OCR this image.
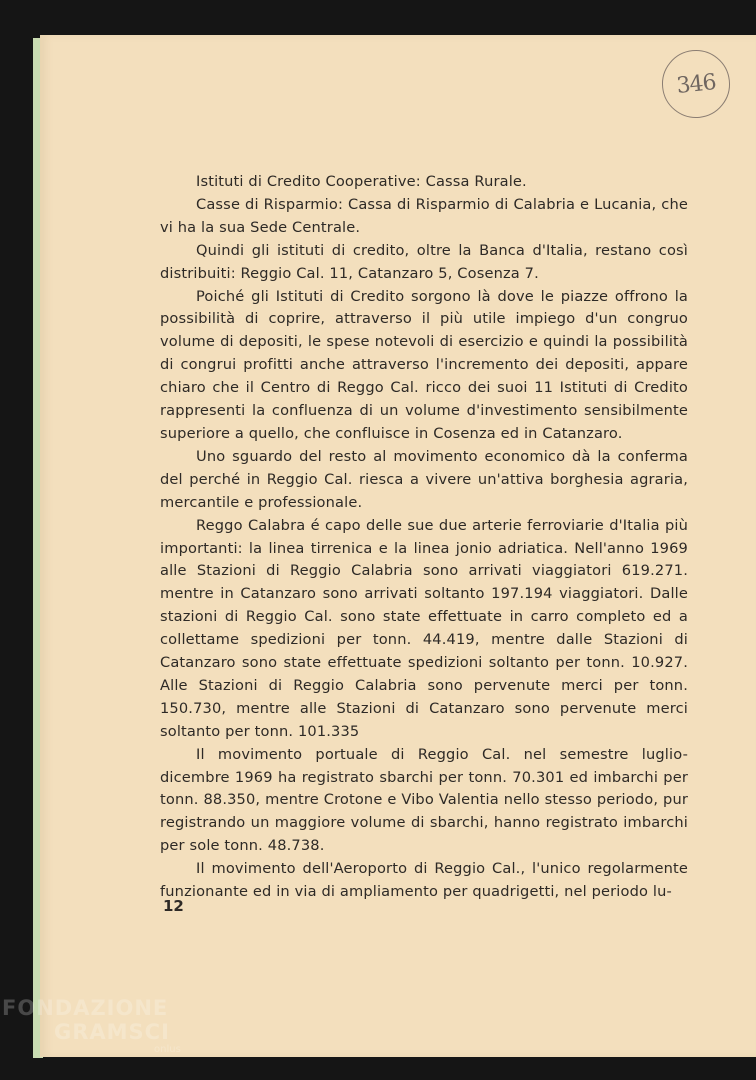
346

Istituti di Credito Cooperative: Cassa Rurale.

Casse di Risparmio: Cassa di Risparmio di Calabria e Lucania, che vi ha la sua Sede Centrale.

Quindi gli istituti di credito, oltre la Banca d'Italia, restano così distribuiti: Reggio Cal. 11, Catanzaro 5, Cosenza 7.

Poiché gli Istituti di Credito sorgono là dove le piazze offrono la possibilità di coprire, attraverso il più utile impiego d'un congruo volume di depositi, le spese notevoli di esercizio e quindi la possibilità di congrui profitti anche attraverso l'incremento dei depositi, appare chiaro che il Centro di Reggo Cal. ricco dei suoi 11 Istituti di Credito rappresenti la confluenza di un volume d'investimento sensibilmente superiore a quello, che confluisce in Cosenza ed in Catanzaro.

Uno sguardo del resto al movimento economico dà la conferma del perché in Reggio Cal. riesca a vivere un'attiva borghesia agraria, mercantile e professionale.

Reggo Calabra é capo delle sue due arterie ferroviarie d'Italia più importanti: la linea tirrenica e la linea jonio adriatica. Nell'anno 1969 alle Stazioni di Reggio Calabria sono arrivati viaggiatori 619.271. mentre in Catanzaro sono arrivati soltanto 197.194 viaggiatori. Dalle stazioni di Reggio Cal. sono state effettuate in carro completo ed a collettame spedizioni per tonn. 44.419, mentre dalle Stazioni di Catanzaro sono state effettuate spedizioni soltanto per tonn. 10.927. Alle Stazioni di Reggio Calabria sono pervenute merci per tonn. 150.730, mentre alle Stazioni di Catanzaro sono pervenute merci soltanto per tonn. 101.335

Il movimento portuale di Reggio Cal. nel semestre luglio-dicembre 1969 ha registrato sbarchi per tonn. 70.301 ed imbarchi per tonn. 88.350, mentre Crotone e Vibo Valentia nello stesso periodo, pur registrando un maggiore volume di sbarchi, hanno registrato imbarchi per sole tonn. 48.738.

Il movimento dell'Aeroporto di Reggio Cal., l'unico regolarmente funzionante ed in via di ampliamento per quadrigetti, nel periodo lu-

12
FONDAZIONE
GRAMSCI
onlus
